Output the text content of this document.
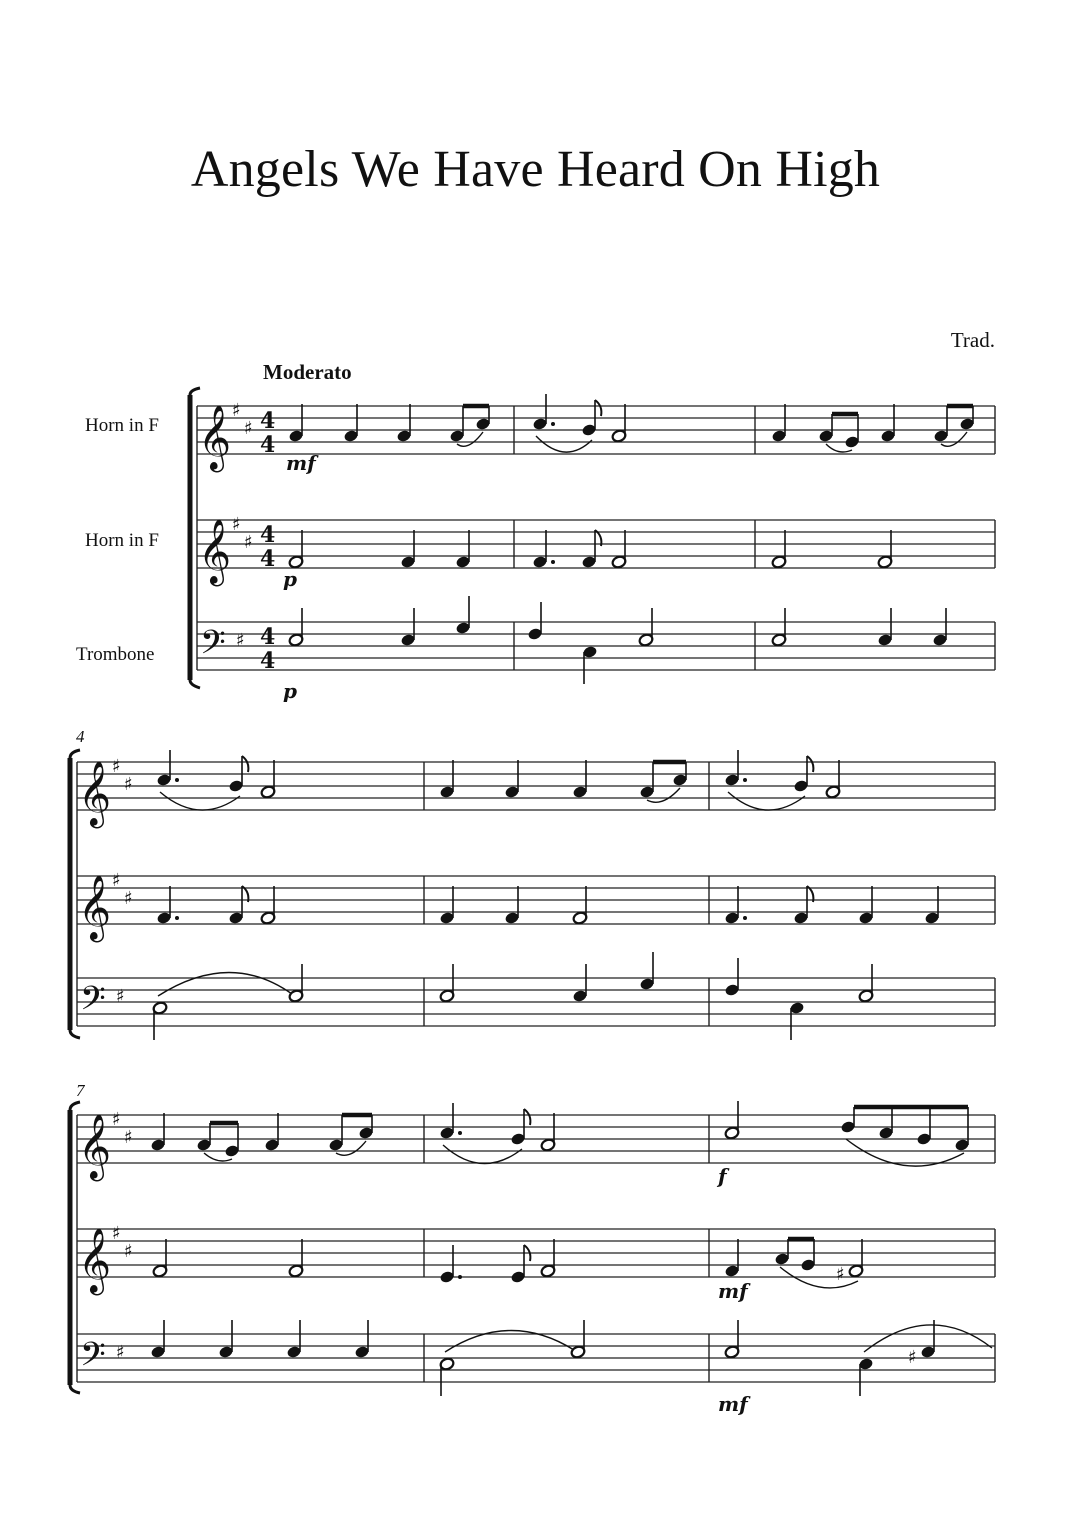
Angels We Have Heard On High
Trad.
Moderato
Horn in F
Horn in F
Trombone
𝄞
𝄞
𝄢
♯
♯
♯
♯
♯
4
4
4
4
4
4
mf
p
p
4
𝄞
𝄞
𝄢
♯
♯
♯
♯
♯
7
𝄞
𝄞
𝄢
♯
♯
♯
♯
♯
f
♯
mf
♯
mf
